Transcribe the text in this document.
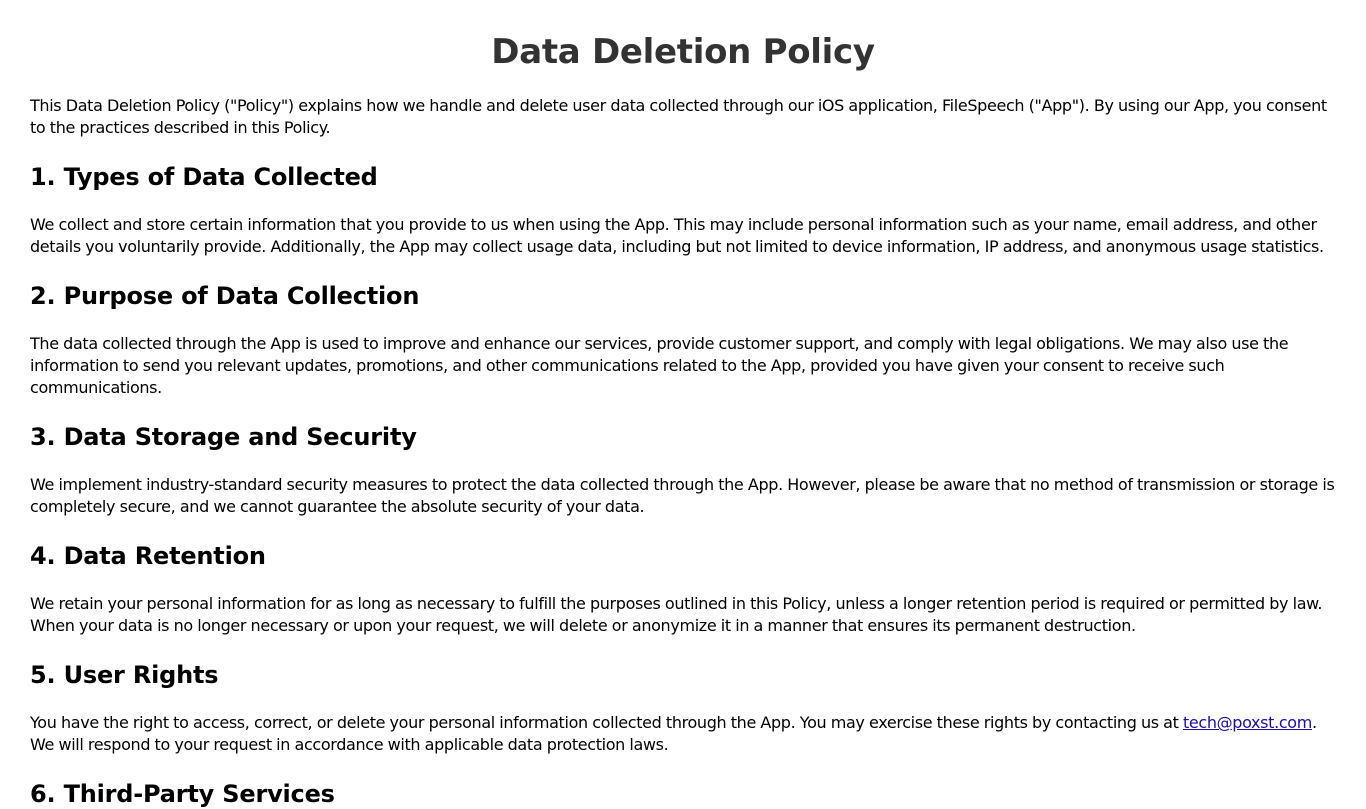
Data Deletion Policy

This Data Deletion Policy ("Policy") explains how we handle and delete user data collected through our iOS application, FileSpeech ("App"). By using our App, you consent to the practices described in this Policy.

1. Types of Data Collected

We collect and store certain information that you provide to us when using the App. This may include personal information such as your name, email address, and other details you voluntarily provide. Additionally, the App may collect usage data, including but not limited to device information, IP address, and anonymous usage statistics.

2. Purpose of Data Collection

The data collected through the App is used to improve and enhance our services, provide customer support, and comply with legal obligations. We may also use the information to send you relevant updates, promotions, and other communications related to the App, provided you have given your consent to receive such communications.

3. Data Storage and Security

We implement industry-standard security measures to protect the data collected through the App. However, please be aware that no method of transmission or storage is completely secure, and we cannot guarantee the absolute security of your data.

4. Data Retention

We retain your personal information for as long as necessary to fulfill the purposes outlined in this Policy, unless a longer retention period is required or permitted by law. When your data is no longer necessary or upon your request, we will delete or anonymize it in a manner that ensures its permanent destruction.

5. User Rights

You have the right to access, correct, or delete your personal information collected through the App. You may exercise these rights by contacting us at tech@poxst.com. We will respond to your request in accordance with applicable data protection laws.

6. Third-Party Services
